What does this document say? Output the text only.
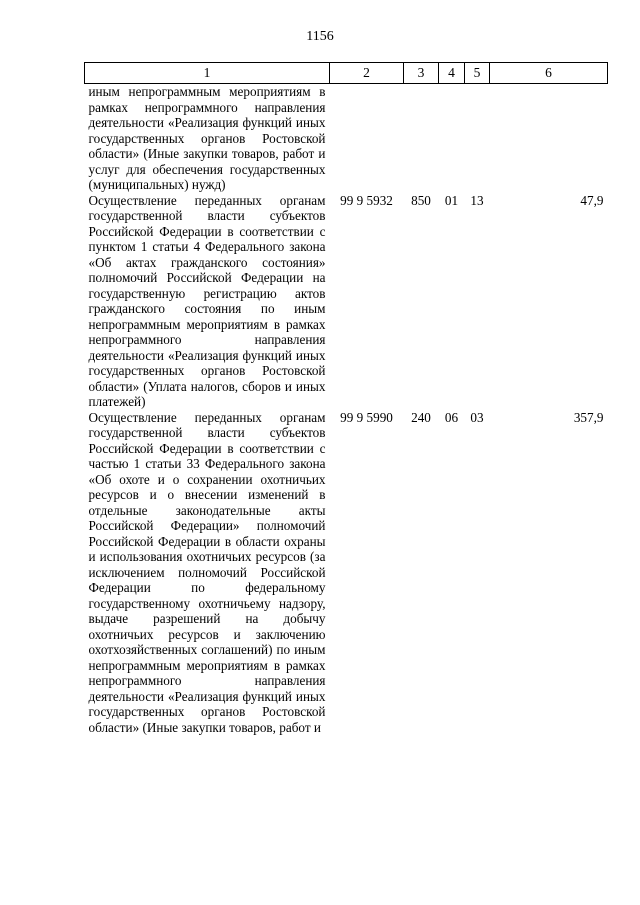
1156
1	2	3	4	5	6
иным непрограммным мероприятиям в рамках непрограммного направления деятельности «Реализация функций иных государственных органов Ростовской области» (Иные закупки товаров, работ и услуг для обеспечения государственных (муниципальных) нужд)					
Осуществление переданных органам государственной власти субъектов Российской Федерации в соответствии с пунктом 1 статьи 4 Федерального закона «Об актах гражданского состояния» полномочий Российской Федерации на государственную регистрацию актов гражданского состояния по иным непрограммным мероприятиям в рамках непрограммного направления деятельности «Реализация функций иных государственных органов Ростовской области» (Уплата налогов, сборов и иных платежей)	99 9 5932	850	01	13	47,9
Осуществление переданных органам государственной власти субъектов Российской Федерации в соответствии с частью 1 статьи 33 Федерального закона «Об охоте и о сохранении охотничьих ресурсов и о внесении изменений в отдельные законодательные акты Российской Федерации» полномочий Российской Федерации в области охраны и использования охотничьих ресурсов (за исключением полномочий Российской Федерации по федеральному государственному охотничьему надзору, выдаче разрешений на добычу охотничьих ресурсов и заключению охотхозяйственных соглашений) по иным непрограммным мероприятиям в рамках непрограммного направления деятельности «Реализация функций иных государственных органов Ростовской области» (Иные закупки товаров, работ и	99 9 5990	240	06	03	357,9
